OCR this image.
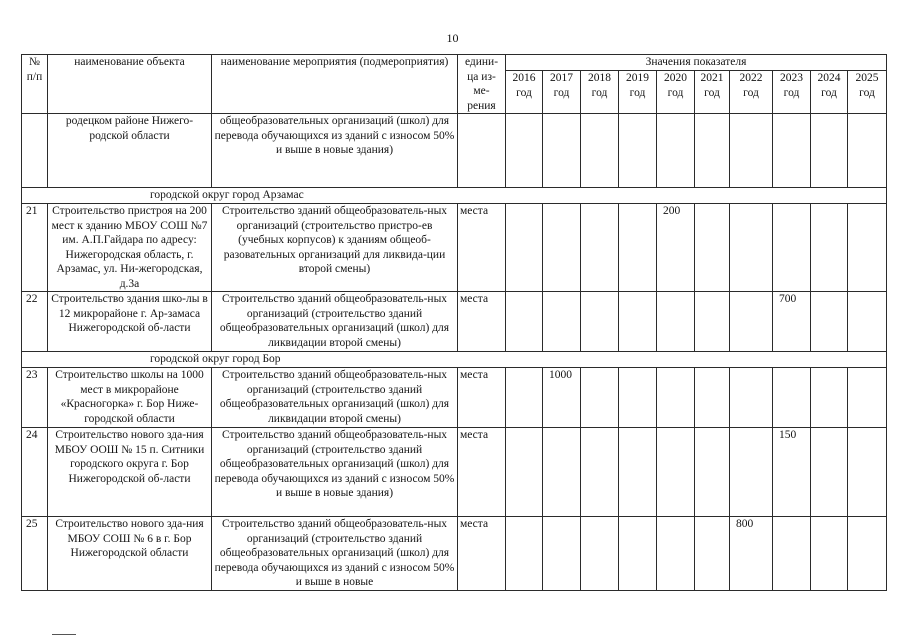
10
№ п/п	наименование объекта	наименование мероприятия (подмероприятия)	едини-ца из-ме-рения	Значения показателя									
				2016 год	2017 год	2018 год	2019 год	2020 год	2021 год	2022 год	2023 год	2024 год	2025 год
	родецком районе Нижего-родской области	общеобразовательных организаций (школ) для перевода обучающихся из зданий с износом 50% и выше в новые здания)											
городской округ город Арзамас													
21	Строительство пристроя на 200 мест к зданию МБОУ СОШ №7 им. А.П.Гайдара по адресу: Нижегородская область, г. Арзамас, ул. Ни-жегородская, д.3а	Строительство зданий общеобразователь-ных организаций (строительство пристро-ев (учебных корпусов) к зданиям общеоб-разовательных организаций для ликвида-ции второй смены)	места					200					
22	Строительство здания шко-лы в 12 микрорайоне г. Ар-замаса Нижегородской об-ласти	Строительство зданий общеобразователь-ных организаций (строительство зданий общеобразовательных организаций (школ) для ликвидации второй смены)	места								700		
городской округ город Бор													
23	Строительство школы на 1000 мест в микрорайоне «Красногорка» г. Бор Ниже-городской области	Строительство зданий общеобразователь-ных организаций (строительство зданий общеобразовательных организаций (школ) для ликвидации второй смены)	места		1000								
24	Строительство нового зда-ния МБОУ ООШ № 15 п. Ситники городского округа г. Бор Нижегородской об-ласти	Строительство зданий общеобразователь-ных организаций (строительство зданий общеобразовательных организаций (школ) для перевода обучающихся из зданий с износом 50% и выше в новые здания)	места								150		
25	Строительство нового зда-ния МБОУ СОШ № 6 в г. Бор Нижегородской области	Строительство зданий общеобразователь-ных организаций (строительство зданий общеобразовательных организаций (школ) для перевода обучающихся из зданий с износом 50% и выше в новые	места							800			
